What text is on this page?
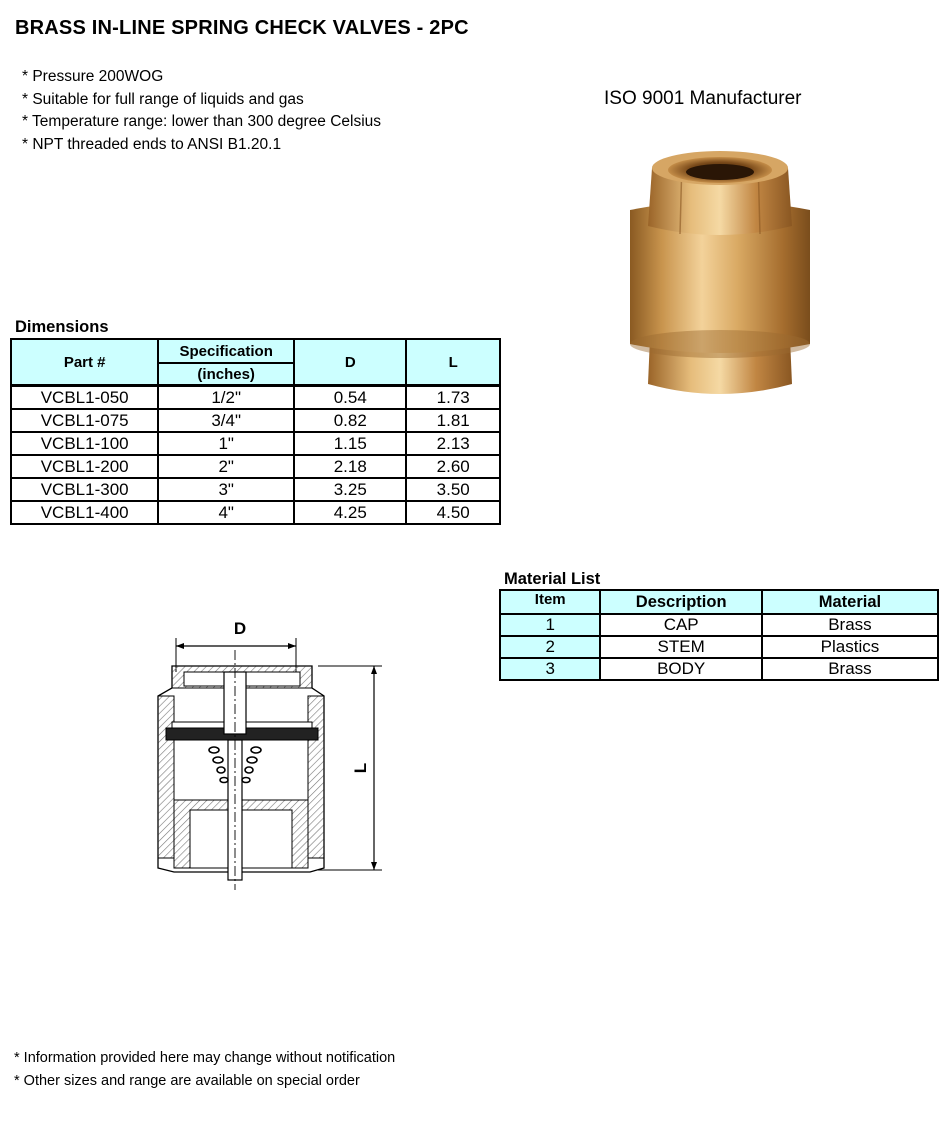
BRASS IN-LINE SPRING CHECK VALVES - 2PC
* Pressure 200WOG
* Suitable for full range of liquids and gas
* Temperature range: lower than 300 degree Celsius
* NPT threaded ends to ANSI B1.20.1
ISO 9001 Manufacturer
Dimensions
Part #	Specification	D	L
	(inches)		
VCBL1-050	1/2"	0.54	1.73
VCBL1-075	3/4"	0.82	1.81
VCBL1-100	1"	1.15	2.13
VCBL1-200	2"	2.18	2.60
VCBL1-300	3"	3.25	3.50
VCBL1-400	4"	4.25	4.50
Material List
Item	Description	Material
1	CAP	Brass
2	STEM	Plastics
3	BODY	Brass
D
L
* Information provided here may change without notification
* Other sizes and range are available on special order
